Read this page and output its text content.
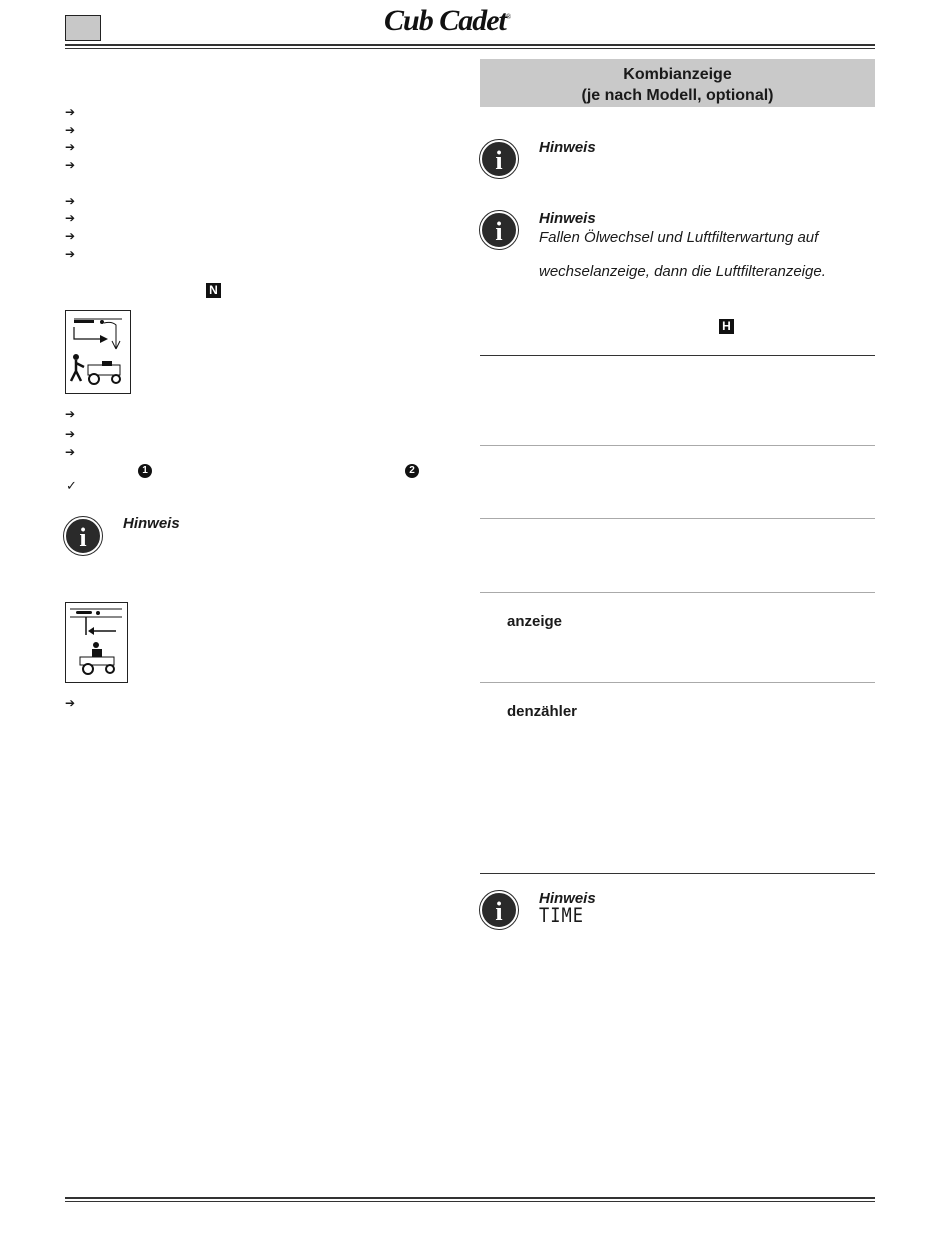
Cub Cadet®
➔
➔
➔
➔
➔
➔
➔
➔
N
➔
➔
➔
1	2
✓
i	Hinweis
➔
Kombianzeige
(je nach Modell, optional)
i	Hinweis
i	Hinweis
Fallen Ölwechsel und Luftfilterwartung auf
wechselanzeige, dann die Luftfilteranzeige.
H
anzeige
denzähler
i	Hinweis
TIME
